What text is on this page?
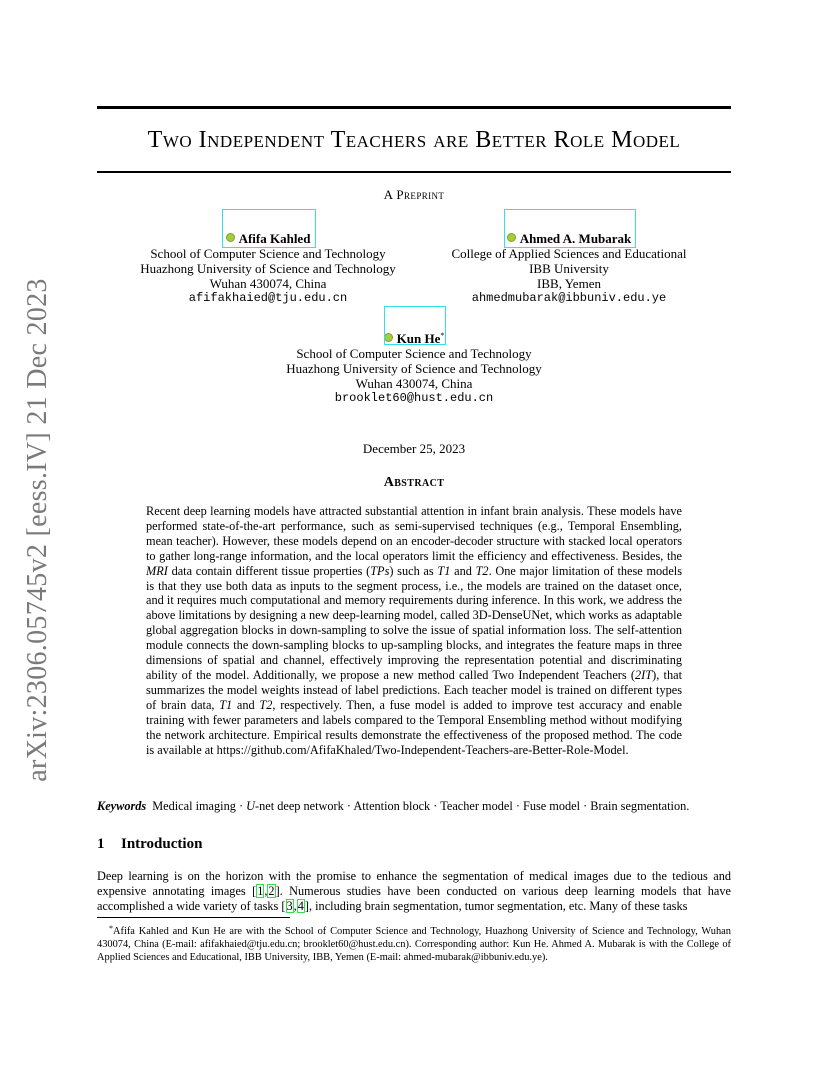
arXiv:2306.05745v2 [eess.IV] 21 Dec 2023
Two Independent Teachers are Better Role Model
A Preprint
Afifa Kahled
School of Computer Science and Technology
Huazhong University of Science and Technology
Wuhan 430074, China
afifakhaied@tju.edu.cn
Ahmed A. Mubarak
College of Applied Sciences and Educational
IBB University
IBB, Yemen
ahmedmubarak@ibbuniv.edu.ye
Kun He*
School of Computer Science and Technology
Huazhong University of Science and Technology
Wuhan 430074, China
brooklet60@hust.edu.cn
December 25, 2023
Abstract
Recent deep learning models have attracted substantial attention in infant brain analysis. These models have performed state-of-the-art performance, such as semi-supervised techniques (e.g., Temporal Ensembling, mean teacher). However, these models depend on an encoder-decoder structure with stacked local operators to gather long-range information, and the local operators limit the efficiency and effectiveness. Besides, the MRI data contain different tissue properties (TPs) such as T1 and T2. One major limitation of these models is that they use both data as inputs to the segment process, i.e., the models are trained on the dataset once, and it requires much computational and memory requirements during inference. In this work, we address the above limitations by designing a new deep-learning model, called 3D-DenseUNet, which works as adaptable global aggregation blocks in down-sampling to solve the issue of spatial information loss. The self-attention module connects the down-sampling blocks to up-sampling blocks, and integrates the feature maps in three dimensions of spatial and channel, effectively improving the representation potential and discriminating ability of the model. Additionally, we propose a new method called Two Independent Teachers (2IT), that summarizes the model weights instead of label predictions. Each teacher model is trained on different types of brain data, T1 and T2, respectively. Then, a fuse model is added to improve test accuracy and enable training with fewer parameters and labels compared to the Temporal Ensembling method without modifying the network architecture. Empirical results demonstrate the effectiveness of the proposed method. The code is available at https://github.com/AfifaKhaled/Two-Independent-Teachers-are-Better-Role-Model.
Keywords Medical imaging · U-net deep network · Attention block · Teacher model · Fuse model · Brain segmentation.
1 Introduction
Deep learning is on the horizon with the promise to enhance the segmentation of medical images due to the tedious and expensive annotating images [1,2]. Numerous studies have been conducted on various deep learning models that have accomplished a wide variety of tasks [3,4], including brain segmentation, tumor segmentation, etc. Many of these tasks
*Afifa Kahled and Kun He are with the School of Computer Science and Technology, Huazhong University of Science and Technology, Wuhan 430074, China (E-mail: afifakhaied@tju.edu.cn; brooklet60@hust.edu.cn). Corresponding author: Kun He. Ahmed A. Mubarak is with the College of Applied Sciences and Educational, IBB University, IBB, Yemen (E-mail: ahmed-mubarak@ibbuniv.edu.ye).
